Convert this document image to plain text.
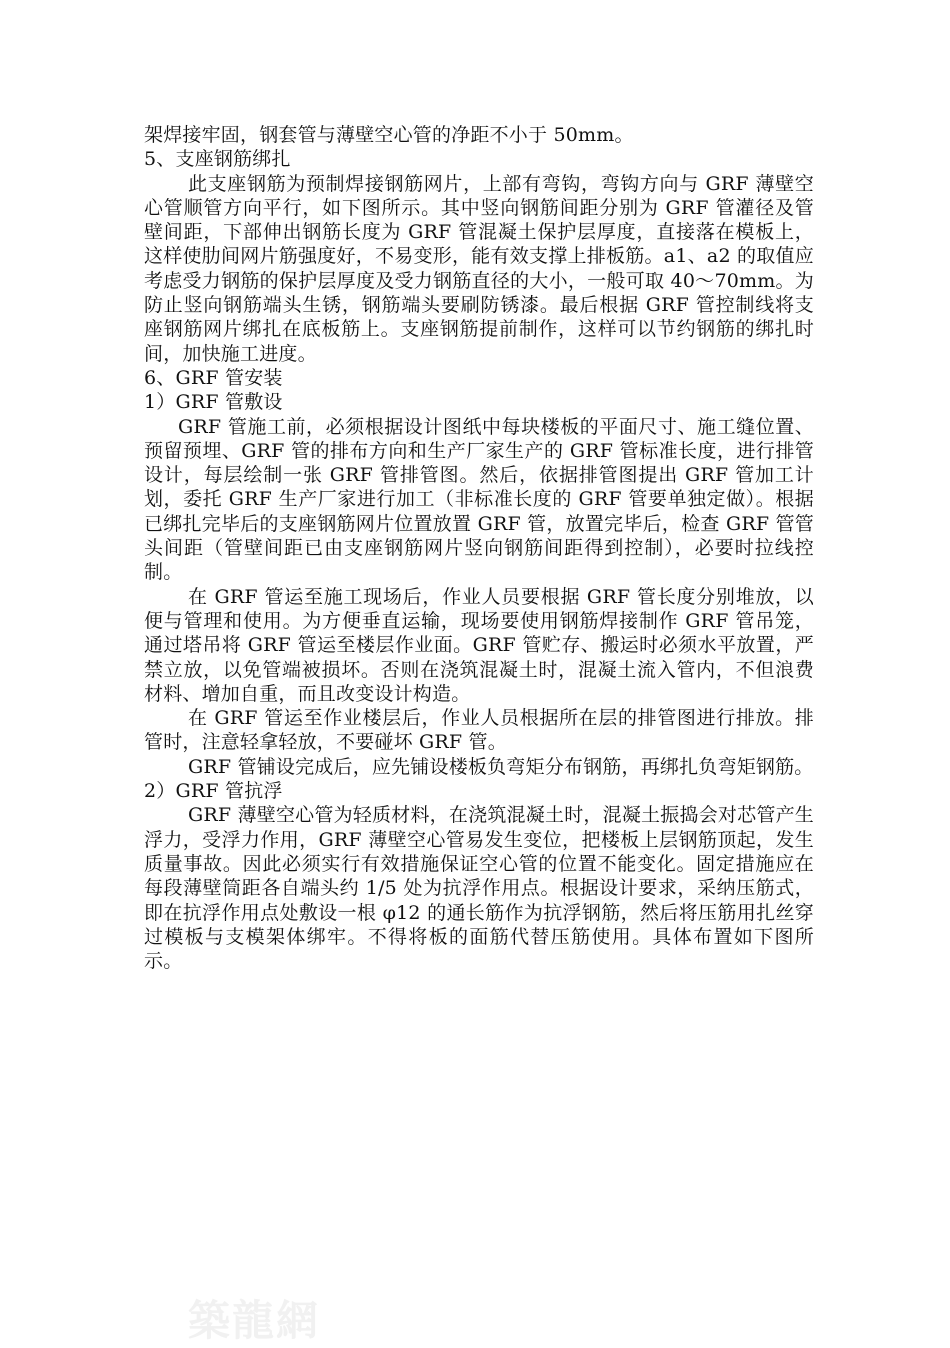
架焊接牢固，钢套管与薄壁空心管的净距不小于 50mm。

5、支座钢筋绑扎

此支座钢筋为预制焊接钢筋网片，上部有弯钩，弯钩方向与 GRF 薄壁空心管顺管方向平行，如下图所示。其中竖向钢筋间距分别为 GRF 管灌径及管壁间距，下部伸出钢筋长度为 GRF 管混凝土保护层厚度，直接落在模板上，这样使肋间网片筋强度好，不易变形，能有效支撑上排板筋。a1、a2 的取值应考虑受力钢筋的保护层厚度及受力钢筋直径的大小，一般可取 40～70mm。为防止竖向钢筋端头生锈，钢筋端头要刷防锈漆。最后根据 GRF 管控制线将支座钢筋网片绑扎在底板筋上。支座钢筋提前制作，这样可以节约钢筋的绑扎时间，加快施工进度。

6、GRF 管安装

1）GRF 管敷设

GRF 管施工前，必须根据设计图纸中每块楼板的平面尺寸、施工缝位置、预留预埋、GRF 管的排布方向和生产厂家生产的 GRF 管标准长度，进行排管设计，每层绘制一张 GRF 管排管图。然后，依据排管图提出 GRF 管加工计划，委托 GRF 生产厂家进行加工（非标准长度的 GRF 管要单独定做）。根据已绑扎完毕后的支座钢筋网片位置放置 GRF 管，放置完毕后，检查 GRF 管管头间距（管壁间距已由支座钢筋网片竖向钢筋间距得到控制），必要时拉线控制。

在 GRF 管运至施工现场后，作业人员要根据 GRF 管长度分别堆放，以便与管理和使用。为方便垂直运输，现场要使用钢筋焊接制作 GRF 管吊笼，通过塔吊将 GRF 管运至楼层作业面。GRF 管贮存、搬运时必须水平放置，严禁立放，以免管端被损坏。否则在浇筑混凝土时，混凝土流入管内，不但浪费材料、增加自重，而且改变设计构造。

在 GRF 管运至作业楼层后，作业人员根据所在层的排管图进行排放。排管时，注意轻拿轻放，不要碰坏 GRF 管。

GRF 管铺设完成后，应先铺设楼板负弯矩分布钢筋，再绑扎负弯矩钢筋。

2）GRF 管抗浮

GRF 薄壁空心管为轻质材料，在浇筑混凝土时，混凝土振捣会对芯管产生浮力，受浮力作用，GRF 薄壁空心管易发生变位，把楼板上层钢筋顶起，发生质量事故。因此必须实行有效措施保证空心管的位置不能变化。固定措施应在每段薄壁筒距各自端头约 1/5 处为抗浮作用点。根据设计要求，采纳压筋式，即在抗浮作用点处敷设一根 φ12 的通长筋作为抗浮钢筋，然后将压筋用扎丝穿过模板与支模架体绑牢。不得将板的面筋代替压筋使用。具体布置如下图所示。

築龍網
